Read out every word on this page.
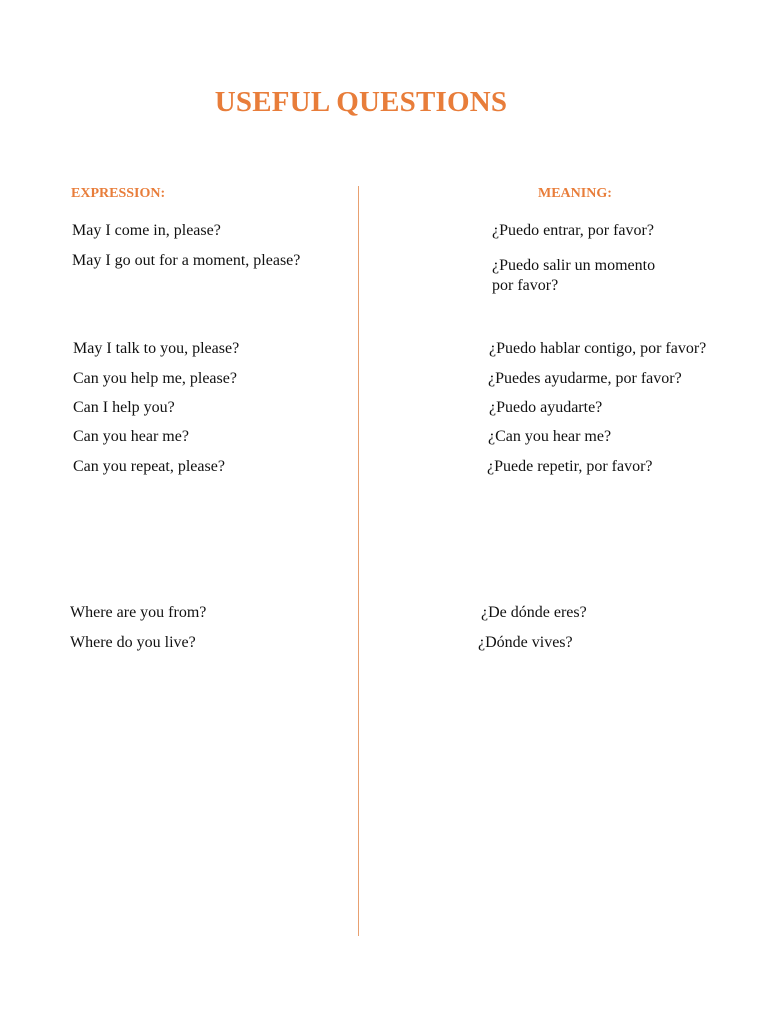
USEFUL QUESTIONS
EXPRESSION:	MEANING:
May I come in, please?	¿Puedo entrar, por favor?
May I go out for a moment, please?	¿Puedo salir un momento
por favor?
May I talk to you, please?	¿Puedo hablar contigo, por favor?
Can you help me, please?	¿Puedes ayudarme, por favor?
Can I help you?	¿Puedo ayudarte?
Can you hear me?	¿Can you hear me?
Can you repeat, please?	¿Puede repetir, por favor?
Where are you from?	¿De dónde eres?
Where do you live?	¿Dónde vives?
